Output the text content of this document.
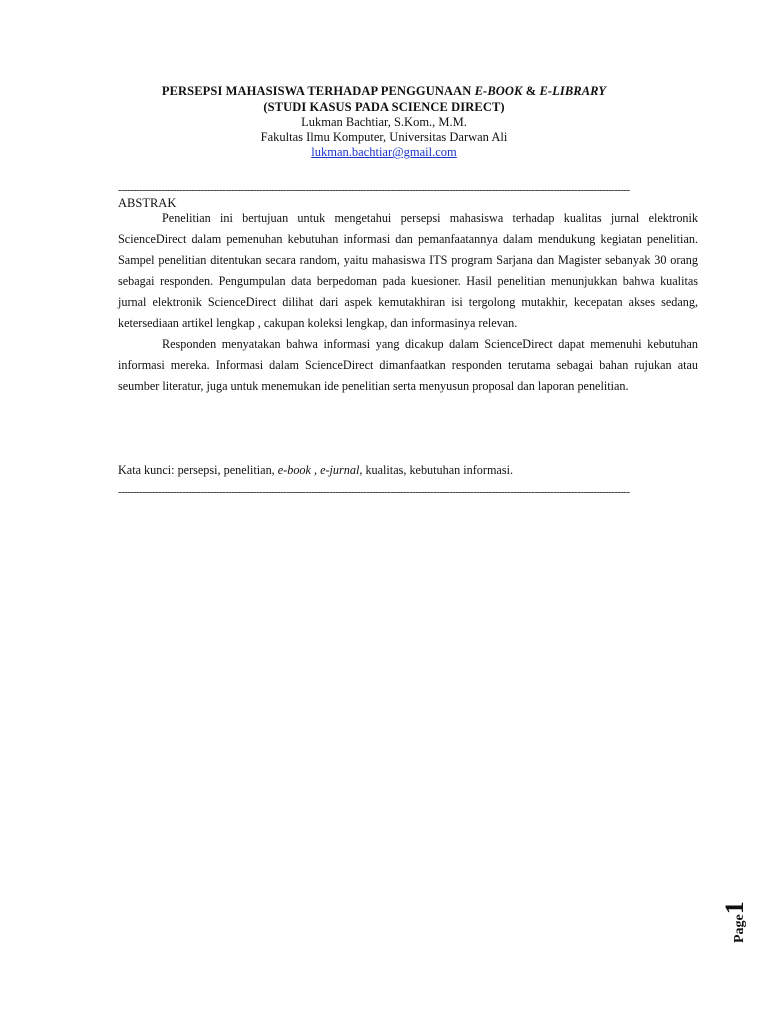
PERSEPSI MAHASISWA TERHADAP PENGGUNAAN E-BOOK & E-LIBRARY
(STUDI KASUS PADA SCIENCE DIRECT)
Lukman Bachtiar, S.Kom., M.M.
Fakultas Ilmu Komputer, Universitas Darwan Ali
lukman.bachtiar@gmail.com
-----------------------------------------------------------------------------------------------------------------------------------------------------------------------
ABSTRAK

Penelitian ini bertujuan untuk mengetahui persepsi mahasiswa terhadap kualitas jurnal elektronik ScienceDirect dalam pemenuhan kebutuhan informasi dan pemanfaatannya dalam mendukung kegiatan penelitian. Sampel penelitian ditentukan secara random, yaitu mahasiswa ITS program Sarjana dan Magister sebanyak 30 orang sebagai responden. Pengumpulan data berpedoman pada kuesioner. Hasil penelitian menunjukkan bahwa kualitas jurnal elektronik ScienceDirect dilihat dari aspek kemutakhiran isi tergolong mutakhir, kecepatan akses sedang, ketersediaan artikel lengkap , cakupan koleksi lengkap, dan informasinya relevan.

Responden menyatakan bahwa informasi yang dicakup dalam ScienceDirect dapat memenuhi kebutuhan informasi mereka. Informasi dalam ScienceDirect dimanfaatkan responden terutama sebagai bahan rujukan atau seumber literatur, juga untuk menemukan ide penelitian serta menyusun proposal dan laporan penelitian.

Kata kunci: persepsi, penelitian, e-book , e-jurnal, kualitas, kebutuhan informasi.
-----------------------------------------------------------------------------------------------------------------------------------------------------------------------
Page1
